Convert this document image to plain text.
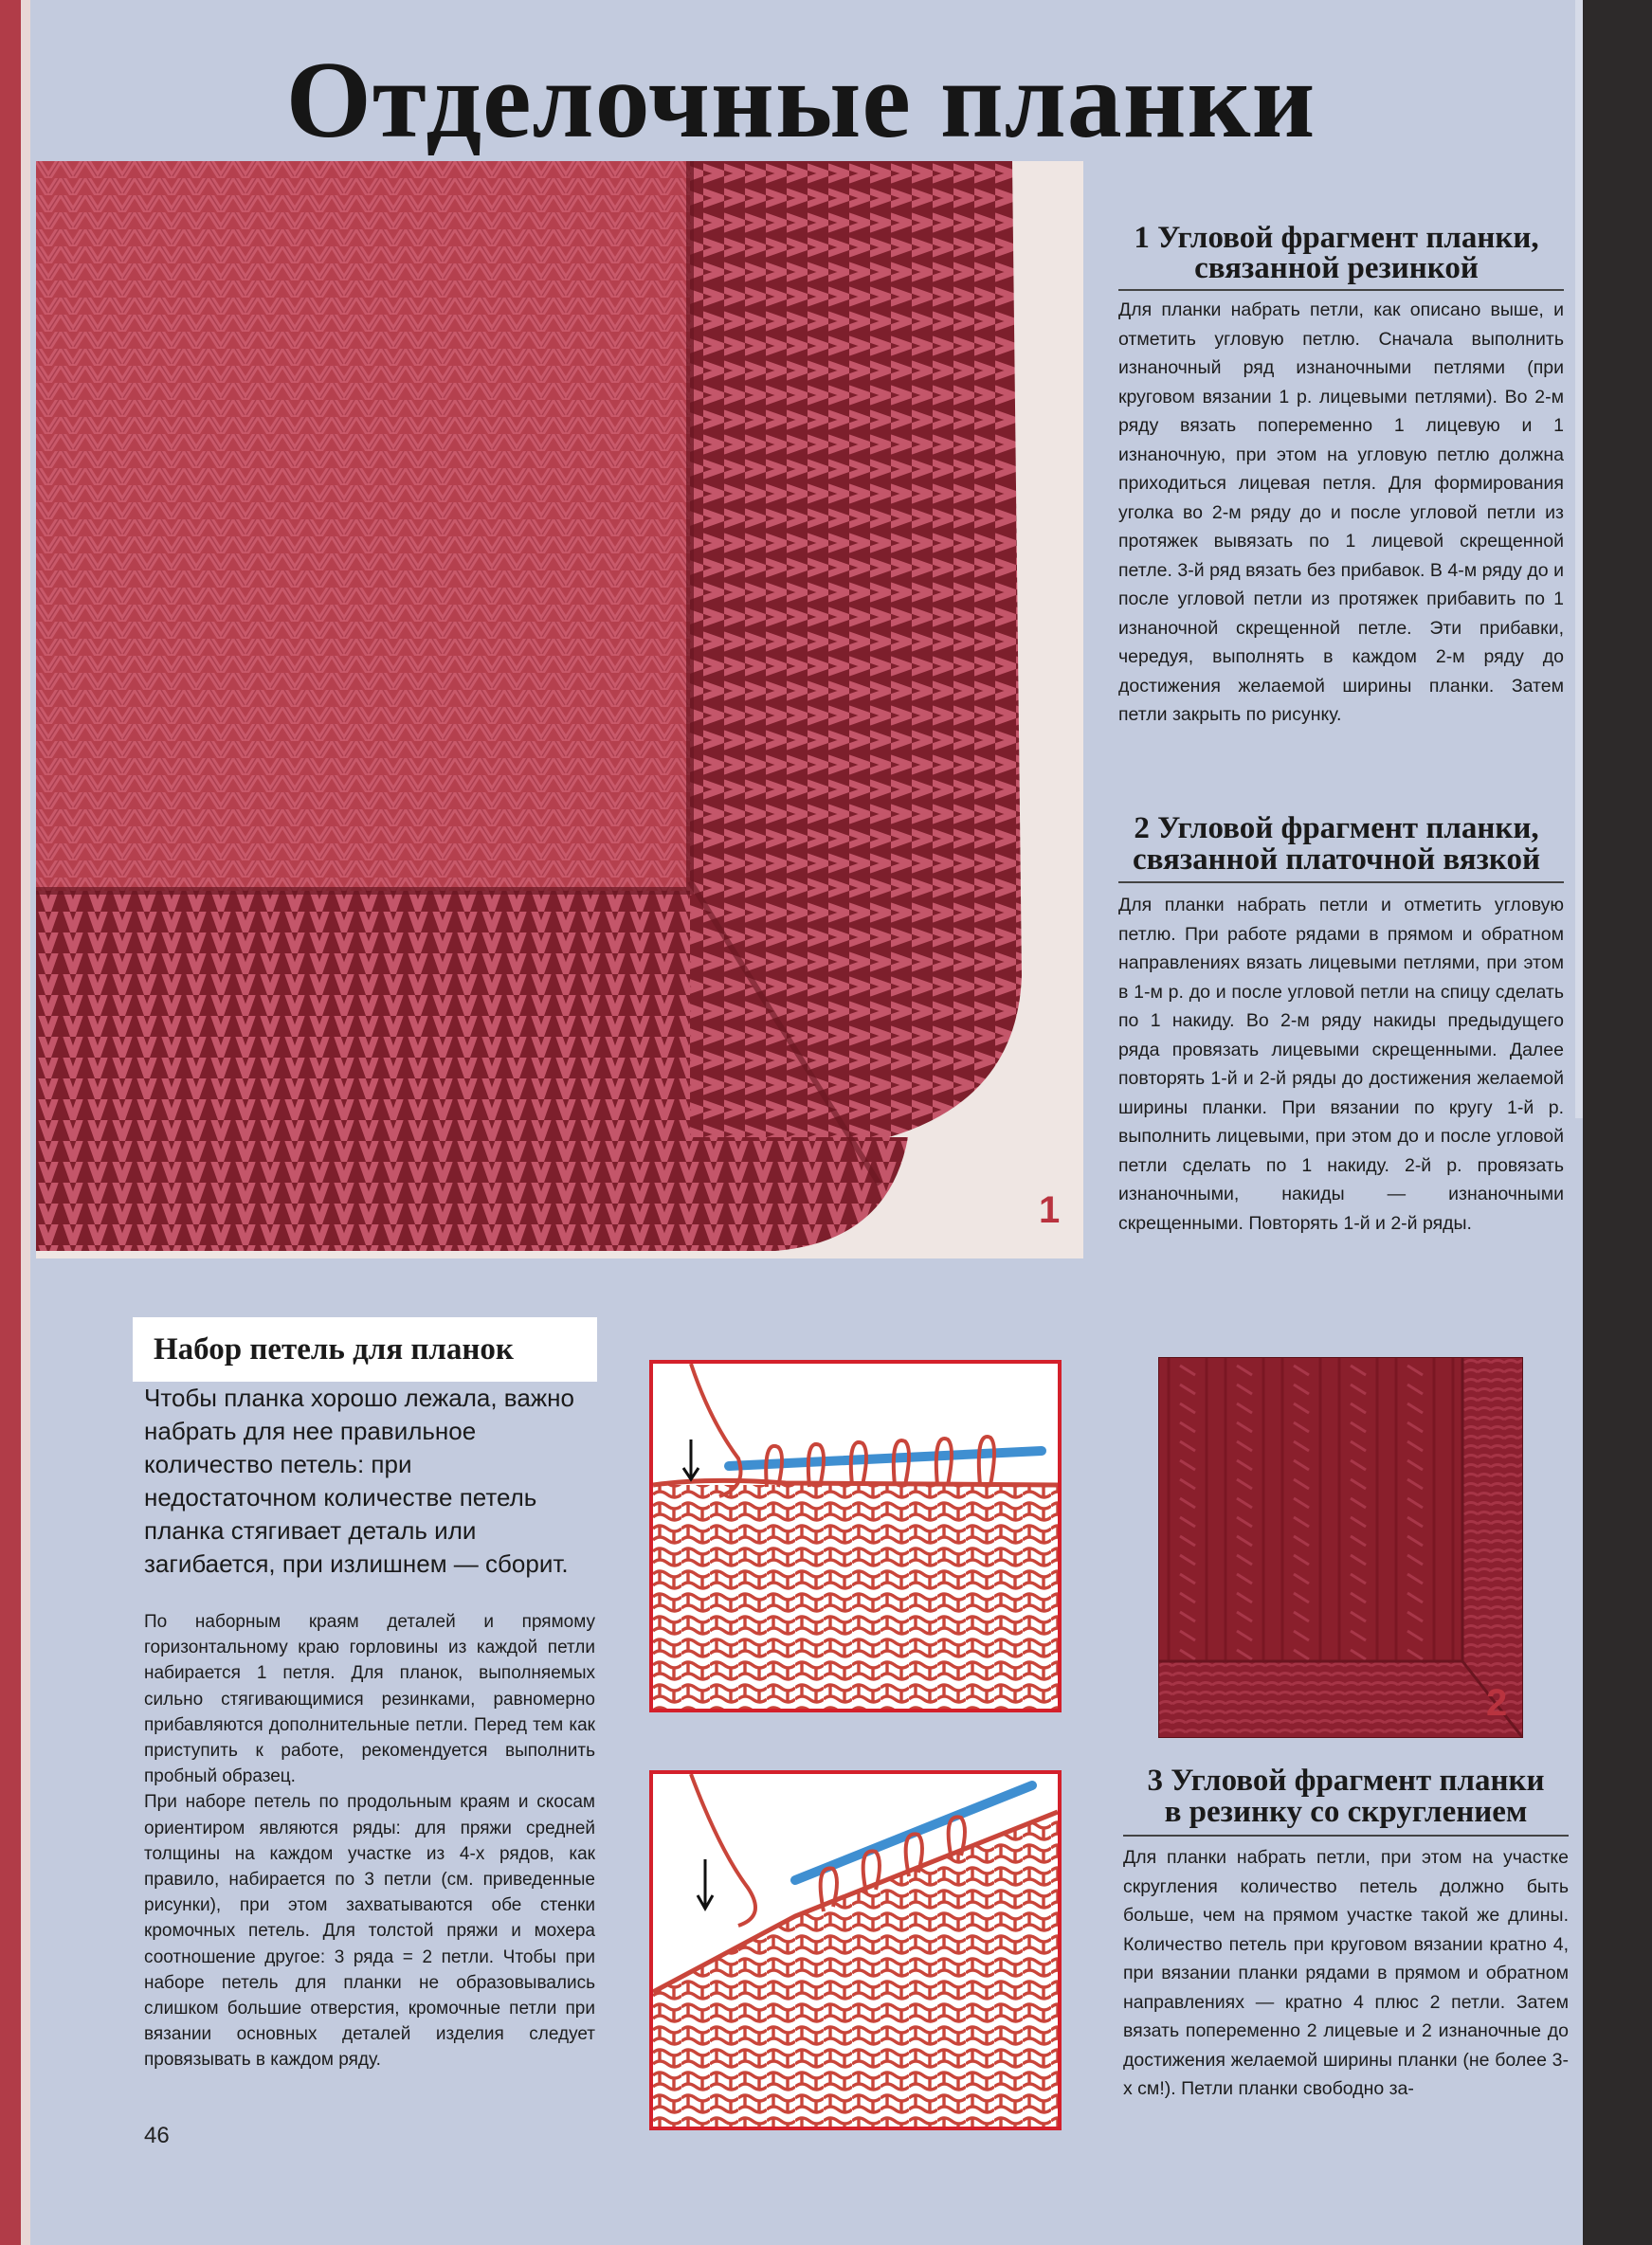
Отделочные планки
1

1 Угловой фрагмент планки,

связанной резинкой

Для планки набрать петли, как описано выше, и отметить угловую петлю. Сначала выполнить изнаночный ряд изнаночными петлями (при круговом вязании 1 р. лицевыми петлями). Во 2-м ряду вязать попеременно 1 лицевую и 1 изнаночную, при этом на угловую петлю должна приходиться лицевая петля. Для формирования уголка во 2-м ряду до и после угловой петли из протяжек вывязать по 1 лицевой скрещенной петле. 3-й ряд вязать без прибавок. В 4-м ряду до и после угловой петли из протяжек прибавить по 1 изнаночной скрещенной петле. Эти прибавки, чередуя, выполнять в каждом 2-м ряду до достижения желаемой ширины планки. Затем петли закрыть по рисунку.

2 Угловой фрагмент планки,

связанной платочной вязкой

Для планки набрать петли и отметить угловую петлю. При работе рядами в прямом и обратном направлениях вязать лицевыми петлями, при этом в 1-м р. до и после угловой петли на спицу сделать по 1 накиду. Во 2-м ряду накиды предыдущего ряда провязать лицевыми скрещенными. Далее повторять 1-й и 2-й ряды до достижения желаемой ширины планки. При вязании по кругу 1-й р. выполнить лицевыми, при этом до и после угловой петли сделать по 1 накиду. 2-й р. провязать изнаночными, накиды — изнаночными скрещенными. Повторять 1-й и 2-й ряды.

Набор петель для планок

Чтобы планка хорошо лежала, важно набрать для нее правильное количество петель: при недостаточном количестве петель планка стягивает деталь или загибается, при излишнем — сборит.

По наборным краям деталей и прямому горизонтальному краю горловины из каждой петли набирается 1 петля. Для планок, выполняемых сильно стягивающимися резинками, равномерно прибавляются дополнительные петли. Перед тем как приступить к работе, рекомендуется выполнить пробный образец.

При наборе петель по продольным краям и скосам ориентиром являются ряды: для пряжи средней толщины на каждом участке из 4-х рядов, как правило, набирается по 3 петли (см. приведенные рисунки), при этом захватываются обе стенки кромочных петель. Для толстой пряжи и мохера соотношение другое: 3 ряда = 2 петли. Чтобы при наборе петель для планки не образовывались слишком большие отверстия, кромочные петли при вязании основных деталей изделия следует провязывать в каждом ряду.

46

2

3 Угловой фрагмент планки

в резинку со скруглением

Для планки набрать петли, при этом на участке скругления количество петель должно быть больше, чем на прямом участке такой же длины. Количество петель при круговом вязании кратно 4, при вязании планки рядами в прямом и обратном направлениях — кратно 4 плюс 2 петли. Затем вязать попеременно 2 лицевые и 2 изнаночные до достижения желаемой ширины планки (не более 3-х см!). Петли планки свободно за-
